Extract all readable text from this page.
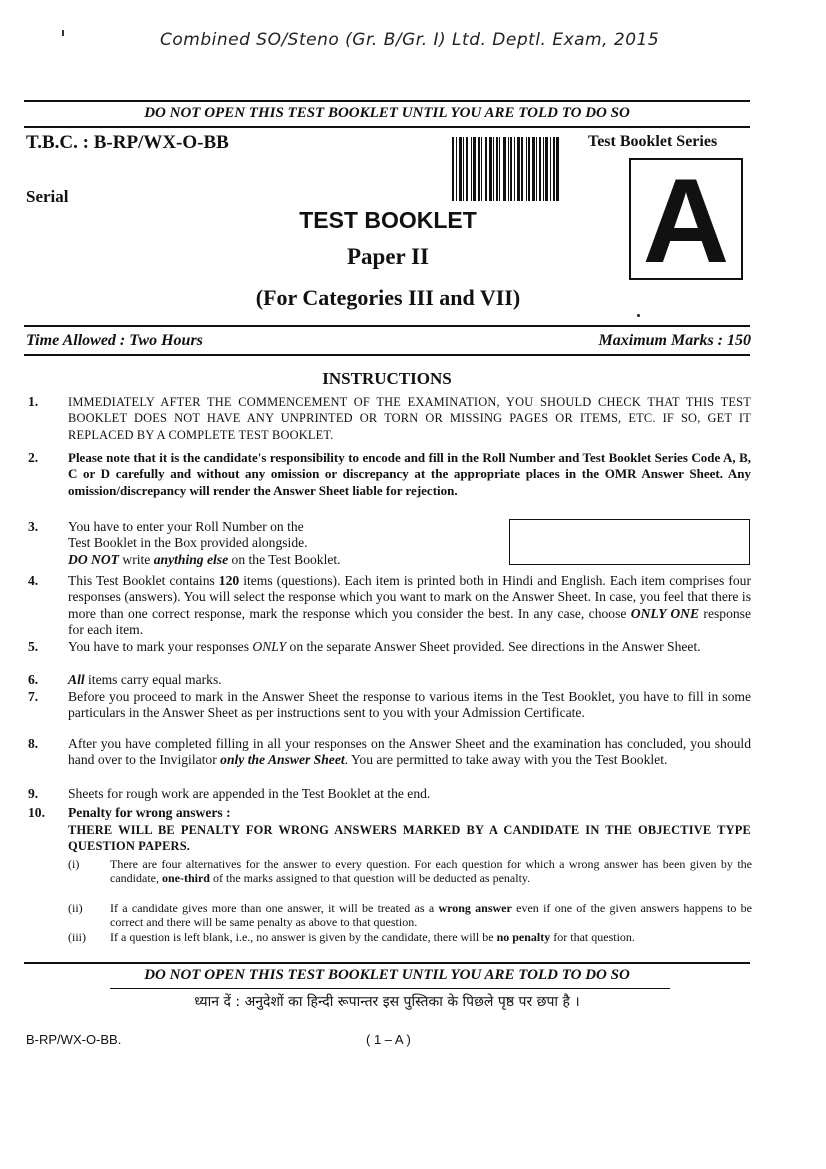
Combined SO/Steno (Gr. B/Gr. I) Ltd. Deptl. Exam, 2015
DO NOT OPEN THIS TEST BOOKLET UNTIL YOU ARE TOLD TO DO SO
T.B.C. : B-RP/WX-O-BB	Test Booklet Series
A
Serial
TEST BOOKLET
Paper II
(For Categories III and VII)
Time Allowed : Two Hours	Maximum Marks : 150
INSTRUCTIONS
1. IMMEDIATELY AFTER THE COMMENCEMENT OF THE EXAMINATION, YOU SHOULD CHECK THAT THIS TEST BOOKLET DOES NOT HAVE ANY UNPRINTED OR TORN OR MISSING PAGES OR ITEMS, ETC. IF SO, GET IT REPLACED BY A COMPLETE TEST BOOKLET.
2. Please note that it is the candidate's responsibility to encode and fill in the Roll Number and Test Booklet Series Code A, B, C or D carefully and without any omission or discrepancy at the appropriate places in the OMR Answer Sheet. Any omission/discrepancy will render the Answer Sheet liable for rejection.
3. You have to enter your Roll Number on the
Test Booklet in the Box provided alongside.
DO NOT write anything else on the Test Booklet.
4. This Test Booklet contains 120 items (questions). Each item is printed both in Hindi and English. Each item comprises four responses (answers). You will select the response which you want to mark on the Answer Sheet. In case, you feel that there is more than one correct response, mark the response which you consider the best. In any case, choose ONLY ONE response for each item.
5. You have to mark your responses ONLY on the separate Answer Sheet provided. See directions in the Answer Sheet.
6. All items carry equal marks.
7. Before you proceed to mark in the Answer Sheet the response to various items in the Test Booklet, you have to fill in some particulars in the Answer Sheet as per instructions sent to you with your Admission Certificate.
8. After you have completed filling in all your responses on the Answer Sheet and the examination has concluded, you should hand over to the Invigilator only the Answer Sheet. You are permitted to take away with you the Test Booklet.
9. Sheets for rough work are appended in the Test Booklet at the end.
10. Penalty for wrong answers :
THERE WILL BE PENALTY FOR WRONG ANSWERS MARKED BY A CANDIDATE IN THE OBJECTIVE TYPE QUESTION PAPERS.
(i)	There are four alternatives for the answer to every question. For each question for which a wrong answer has been given by the candidate, one-third of the marks assigned to that question will be deducted as penalty.
(ii) If a candidate gives more than one answer, it will be treated as a wrong answer even if one of the given answers happens to be correct and there will be same penalty as above to that question.
(iii) If a question is left blank, i.e., no answer is given by the candidate, there will be no penalty for that question.
DO NOT OPEN THIS TEST BOOKLET UNTIL YOU ARE TOLD TO DO SO
ध्यान दें : अनुदेशों का हिन्दी रूपान्तर इस पुस्तिका के पिछले पृष्ठ पर छपा है ।
B-RP/WX-O-BB.	( 1 – A )
